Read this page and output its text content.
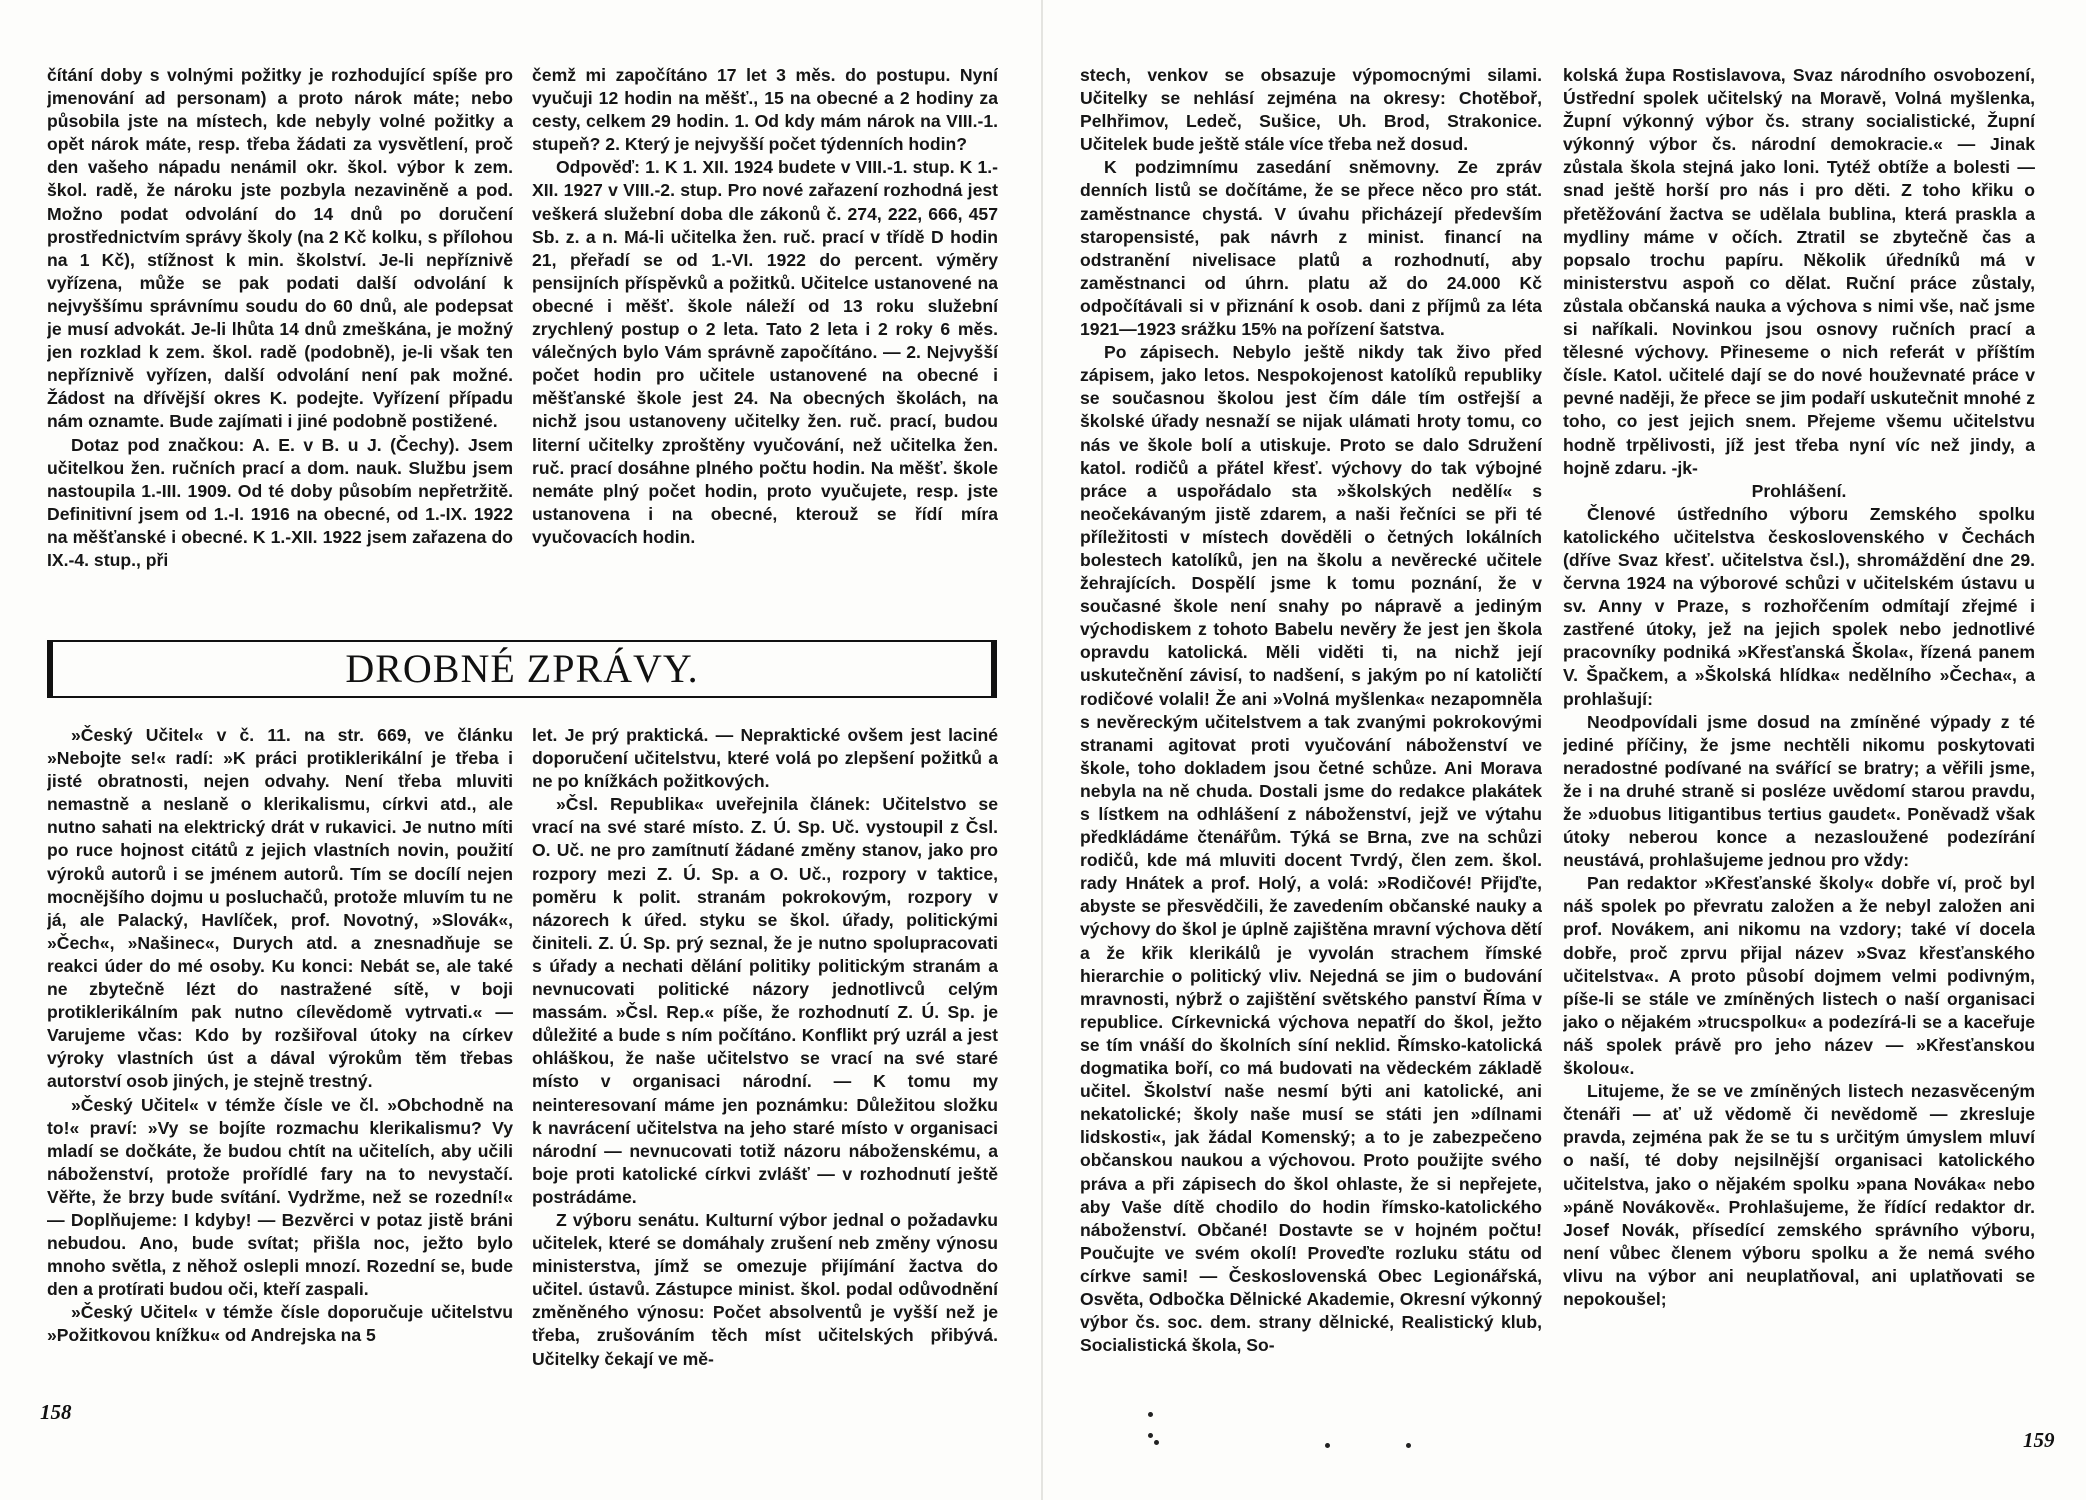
čítání doby s volnými požitky je rozhodující spíše pro jmenování ad personam) a proto nárok máte; nebo působila jste na místech, kde nebyly volné požitky a opět nárok máte, resp. třeba žádati za vysvětlení, proč den vašeho nápadu nenámil okr. škol. výbor k zem. škol. radě, že nároku jste pozbyla nezaviněně a pod. Možno podat odvolání do 14 dnů po doručení prostřednictvím správy školy (na 2 Kč kolku, s přílohou na 1 Kč), stížnost k min. školství. Je-li nepříznivě vyřízena, může se pak podati další odvolání k nejvyššímu správnímu soudu do 60 dnů, ale podepsat je musí advokát. Je-li lhůta 14 dnů zmeškána, je možný jen rozklad k zem. škol. radě (podobně), je-li však ten nepříznivě vyřízen, další odvolání není pak možné. Žádost na dřívější okres K. podejte. Vyřízení případu nám oznamte. Bude zajímati i jiné podobně postižené.

Dotaz pod značkou: A. E. v B. u J. (Čechy). Jsem učitelkou žen. ručních prací a dom. nauk. Službu jsem nastoupila 1.-III. 1909. Od té doby působím nepřetržitě. Definitivní jsem od 1.-I. 1916 na obecné, od 1.-IX. 1922 na měšťanské i obecné. K 1.-XII. 1922 jsem zařazena do IX.-4. stup., při

čemž mi započítáno 17 let 3 měs. do postupu. Nyní vyučuji 12 hodin na měšť., 15 na obecné a 2 hodiny za cesty, celkem 29 hodin. 1. Od kdy mám nárok na VIII.-1. stupeň? 2. Který je nejvyšší počet týdenních hodin?

Odpověď: 1. K 1. XII. 1924 budete v VIII.-1. stup. K 1.-XII. 1927 v VIII.-2. stup. Pro nové zařazení rozhodná jest veškerá služební doba dle zákonů č. 274, 222, 666, 457 Sb. z. a n. Má-li učitelka žen. ruč. prací v třídě D hodin 21, přeřadí se od 1.-VI. 1922 do percent. výměry pensijních příspěvků a požitků. Učitelce ustanovené na obecné i měšť. škole náleží od 13 roku služební zrychlený postup o 2 leta. Tato 2 leta i 2 roky 6 měs. válečných bylo Vám správně započítáno. — 2. Nejvyšší počet hodin pro učitele ustanovené na obecné i měšťanské škole jest 24. Na obecných školách, na nichž jsou ustanoveny učitelky žen. ruč. prací, budou literní učitelky zproštěny vyučování, než učitelka žen. ruč. prací dosáhne plného počtu hodin. Na měšť. škole nemáte plný počet hodin, proto vyučujete, resp. jste ustanovena i na obecné, kterouž se řídí míra vyučovacích hodin.

DROBNÉ ZPRÁVY.

»Český Učitel« v č. 11. na str. 669, ve článku »Nebojte se!« radí: »K práci protiklerikální je třeba i jisté obratnosti, nejen odvahy. Není třeba mluviti nemastně a neslaně o klerikalismu, církvi atd., ale nutno sahati na elektrický drát v rukavici. Je nutno míti po ruce hojnost citátů z jejich vlastních novin, použití výroků autorů i se jménem autorů. Tím se docílí nejen mocnějšího dojmu u posluchačů, protože mluvím tu ne já, ale Palacký, Havlíček, prof. Novotný, »Slovák«, »Čech«, »Našinec«, Durych atd. a znesnadňuje se reakci úder do mé osoby. Ku konci: Nebát se, ale také ne zbytečně lézt do nastražené sítě, v boji protiklerikálním pak nutno cílevědomě vytrvati.« — Varujeme včas: Kdo by rozšiřoval útoky na církev výroky vlastních úst a dával výrokům těm třebas autorství osob jiných, je stejně trestný.

»Český Učitel« v témže čísle ve čl. »Obchodně na to!« praví: »Vy se bojíte rozmachu klerikalismu? Vy mladí se dočkáte, že budou chtít na učitelích, aby učili náboženství, protože prořídlé fary na to nevystačí. Věřte, že brzy bude svítání. Vydržme, než se rozední!« — Doplňujeme: I kdyby! — Bezvěrci v potaz jistě bráni nebudou. Ano, bude svítat; přišla noc, ježto bylo mnoho světla, z něhož oslepli mnozí. Rozední se, bude den a protírati budou oči, kteří zaspali.

»Český Učitel« v témže čísle doporučuje učitelstvu »Požitkovou knížku« od Andrejska na 5

let. Je prý praktická. — Nepraktické ovšem jest laciné doporučení učitelstvu, které volá po zlepšení požitků a ne po knížkách požitkových.

»Čsl. Republika« uveřejnila článek: Učitelstvo se vrací na své staré místo. Z. Ú. Sp. Uč. vystoupil z Čsl. O. Uč. ne pro zamítnutí žádané změny stanov, jako pro rozpory mezi Z. Ú. Sp. a O. Uč., rozpory v taktice, poměru k polit. stranám pokrokovým, rozpory v názorech k úřed. styku se škol. úřady, politickými činiteli. Z. Ú. Sp. prý seznal, že je nutno spolupracovati s úřady a nechati dělání politiky politickým stranám a nevnucovati politické názory jednotlivců celým massám. »Čsl. Rep.« píše, že rozhodnutí Z. Ú. Sp. je důležité a bude s ním počítáno. Konflikt prý uzrál a jest ohláškou, že naše učitelstvo se vrací na své staré místo v organisaci národní. — K tomu my neinteresovaní máme jen poznámku: Důležitou složku k navrácení učitelstva na jeho staré místo v organisaci národní — nevnucovati totiž názoru náboženskému, a boje proti katolické církvi zvlášť — v rozhodnutí ještě postrádáme.

Z výboru senátu. Kulturní výbor jednal o požadavku učitelek, které se domáhaly zrušení neb změny výnosu ministerstva, jímž se omezuje přijímání žactva do učitel. ústavů. Zástupce minist. škol. podal odůvodnění změněného výnosu: Počet absolventů je vyšší než je třeba, zrušováním těch míst učitelských přibývá. Učitelky čekají ve mě-

158

stech, venkov se obsazuje výpomocnými silami. Učitelky se nehlásí zejména na okresy: Chotěboř, Pelhřimov, Ledeč, Sušice, Uh. Brod, Strakonice. Učitelek bude ještě stále více třeba než dosud.

K podzimnímu zasedání sněmovny. Ze zpráv denních listů se dočítáme, že se přece něco pro stát. zaměstnance chystá. V úvahu přicházejí především staropensisté, pak návrh z minist. financí na odstranění nivelisace platů a rozhodnutí, aby zaměstnanci od úhrn. platu až do 24.000 Kč odpočítávali si v přiznání k osob. dani z příjmů za léta 1921—1923 srážku 15% na pořízení šatstva.

Po zápisech. Nebylo ještě nikdy tak živo před zápisem, jako letos. Nespokojenost katolíků republiky se současnou školou jest čím dále tím ostřejší a školské úřady nesnaží se nijak ulámati hroty tomu, co nás ve škole bolí a utiskuje. Proto se dalo Sdružení katol. rodičů a přátel křesť. výchovy do tak výbojné práce a uspořádalo sta »školských nedělí« s neočekávaným jistě zdarem, a naši řečníci se při té příležitosti v místech dověděli o četných lokálních bolestech katolíků, jen na školu a nevěrecké učitele žehrajících. Dospělí jsme k tomu poznání, že v současné škole není snahy po nápravě a jediným východiskem z tohoto Babelu nevěry že jest jen škola opravdu katolická. Měli viděti ti, na nichž její uskutečnění závisí, to nadšení, s jakým po ní katoličtí rodičové volali! Že ani »Volná myšlenka« nezapomněla s nevěreckým učitelstvem a tak zvanými pokrokovými stranami agitovat proti vyučování náboženství ve škole, toho dokladem jsou četné schůze. Ani Morava nebyla na ně chuda. Dostali jsme do redakce plakátek s lístkem na odhlášení z náboženství, jejž ve výtahu předkládáme čtenářům. Týká se Brna, zve na schůzi rodičů, kde má mluviti docent Tvrdý, člen zem. škol. rady Hnátek a prof. Holý, a volá: »Rodičové! Přijďte, abyste se přesvědčili, že zavedením občanské nauky a výchovy do škol je úplně zajištěna mravní výchova dětí a že křik klerikálů je vyvolán strachem římské hierarchie o politický vliv. Nejedná se jim o budování mravnosti, nýbrž o zajištění světského panství Říma v republice. Církevnická výchova nepatří do škol, ježto se tím vnáší do školních síní neklid. Římsko-katolická dogmatika boří, co má budovati na vědeckém základě učitel. Školství naše nesmí býti ani katolické, ani nekatolické; školy naše musí se státi jen »dílnami lidskosti«, jak žádal Komenský; a to je zabezpečeno občanskou naukou a výchovou. Proto použijte svého práva a při zápisech do škol ohlaste, že si nepřejete, aby Vaše dítě chodilo do hodin římsko-katolického náboženství. Občané! Dostavte se v hojném počtu! Poučujte ve svém okolí! Proveďte rozluku státu od církve sami! — Československá Obec Legionářská, Osvěta, Odbočka Dělnické Akademie, Okresní výkonný výbor čs. soc. dem. strany dělnické, Realistický klub, Socialistická škola, So-

kolská župa Rostislavova, Svaz národního osvobození, Ústřední spolek učitelský na Moravě, Volná myšlenka, Župní výkonný výbor čs. strany socialistické, Župní výkonný výbor čs. národní demokracie.« — Jinak zůstala škola stejná jako loni. Tytéž obtíže a bolesti — snad ještě horší pro nás i pro děti. Z toho křiku o přetěžování žactva se udělala bublina, která praskla a mydliny máme v očích. Ztratil se zbytečně čas a popsalo trochu papíru. Několik úředníků má v ministerstvu aspoň co dělat. Ruční práce zůstaly, zůstala občanská nauka a výchova s nimi vše, nač jsme si naříkali. Novinkou jsou osnovy ručních prací a tělesné výchovy. Přineseme o nich referát v příštím čísle. Katol. učitelé dají se do nové houževnaté práce v pevné naději, že přece se jim podaří uskutečnit mnohé z toho, co jest jejich snem. Přejeme všemu učitelstvu hodně trpělivosti, jíž jest třeba nyní víc než jindy, a hojně zdaru. -jk-

Prohlášení.

Členové ústředního výboru Zemského spolku katolického učitelstva československého v Čechách (dříve Svaz křesť. učitelstva čsl.), shromáždění dne 29. června 1924 na výborové schůzi v učitelském ústavu u sv. Anny v Praze, s rozhořčením odmítají zřejmé i zastřené útoky, jež na jejich spolek nebo jednotlivé pracovníky podniká »Křesťanská Škola«, řízená panem V. Špačkem, a »Školská hlídka« nedělního »Čecha«, a prohlašují:

Neodpovídali jsme dosud na zmíněné výpady z té jediné příčiny, že jsme nechtěli nikomu poskytovati neradostné podívané na svářící se bratry; a věřili jsme, že i na druhé straně si posléze uvědomí starou pravdu, že »duobus litigantibus tertius gaudet«. Poněvadž však útoky neberou konce a nezasloužené podezírání neustává, prohlašujeme jednou pro vždy:

Pan redaktor »Křesťanské školy« dobře ví, proč byl náš spolek po převratu založen a že nebyl založen ani prof. Novákem, ani nikomu na vzdory; také ví docela dobře, proč zprvu přijal název »Svaz křesťanského učitelstva«. A proto působí dojmem velmi podivným, píše-li se stále ve zmíněných listech o naší organisaci jako o nějakém »trucspolku« a podezírá-li se a kaceřuje náš spolek právě pro jeho název — »Křesťanskou školou«.

Litujeme, že se ve zmíněných listech nezasvěceným čtenáři — ať už vědomě či nevědomě — zkresluje pravda, zejména pak že se tu s určitým úmyslem mluví o naší, té doby nejsilnější organisaci katolického učitelstva, jako o nějakém spolku »pana Nováka« nebo »páně Novákově«. Prohlašujeme, že řídící redaktor dr. Josef Novák, přísedící zemského správního výboru, není vůbec členem výboru spolku a že nemá svého vlivu na výbor ani neuplatňoval, ani uplatňovati se nepokoušel;

159
